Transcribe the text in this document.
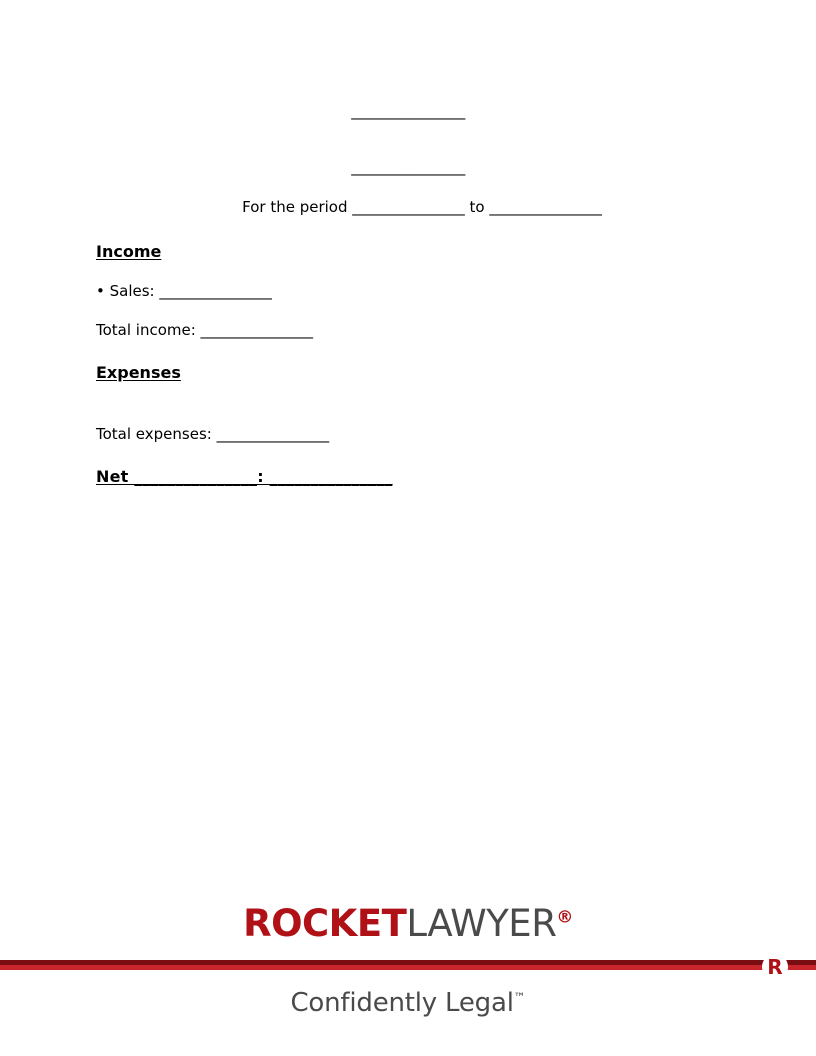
________________
________________
For the period _______________ to _______________
Income
• Sales: _______________
Total income: _______________
Expenses
Total expenses: _______________
Net _______________: _______________
ROCKETLAWYER®
R
Confidently Legal™
